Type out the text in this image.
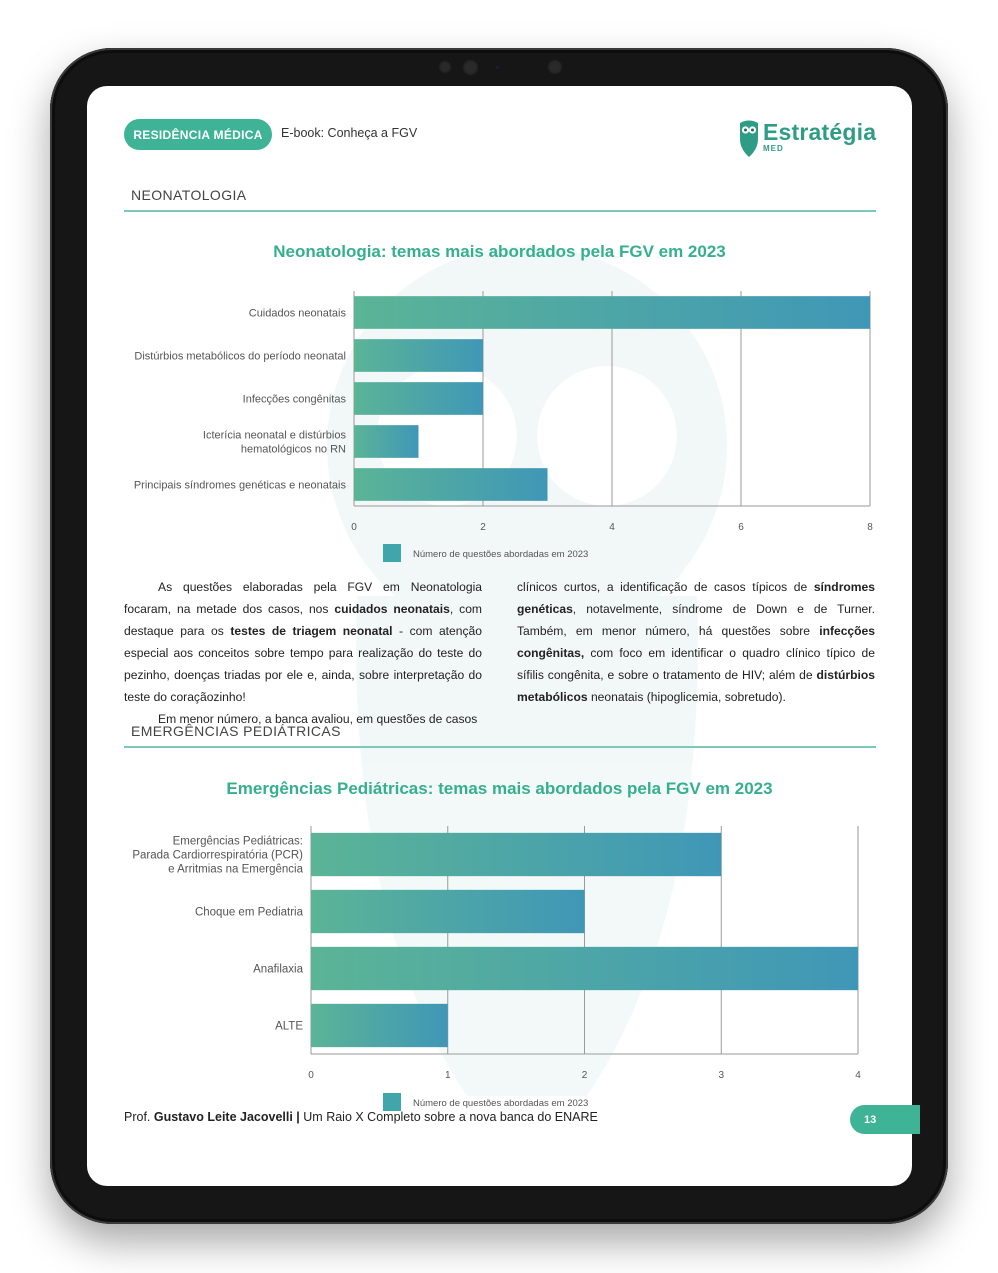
RESIDÊNCIA MÉDICA	E-book: Conheça a FGV	Estratégia
MED
NEONATOLOGIA
Neonatologia: temas mais abordados pela FGV em 2023
0	2	4	6	8
Cuidados neonatais
Distúrbios metabólicos do período neonatal
Infecções congênitas
Icterícia neonatal e distúrbios
hematológicos no RN
Principais síndromes genéticas e neonatais
Número de questões abordadas em 2023

As questões elaboradas pela FGV em Neonatologia focaram, na metade dos casos, nos cuidados neonatais, com destaque para os testes de triagem neonatal - com atenção especial aos conceitos sobre tempo para realização do teste do pezinho, doenças triadas por ele e, ainda, sobre interpretação do teste do coraçãozinho!

Em menor número, a banca avaliou, em questões de casos

clínicos curtos, a identificação de casos típicos de síndromes genéticas, notavelmente, síndrome de Down e de Turner. Também, em menor número, há questões sobre infecções congênitas, com foco em identificar o quadro clínico típico de sífilis congênita, e sobre o tratamento de HIV; além de distúrbios metabólicos neonatais (hipoglicemia, sobretudo).

EMERGÊNCIAS PEDIÁTRICAS
Emergências Pediátricas: temas mais abordados pela FGV em 2023
0	1	2	3	4
Emergências Pediátricas:
Parada Cardiorrespiratória (PCR)
e Arritmias na Emergência
Choque em Pediatria
Anafilaxia
ALTE
Número de questões abordadas em 2023
Prof. Gustavo Leite Jacovelli | Um Raio X Completo sobre a nova banca do ENARE	13
